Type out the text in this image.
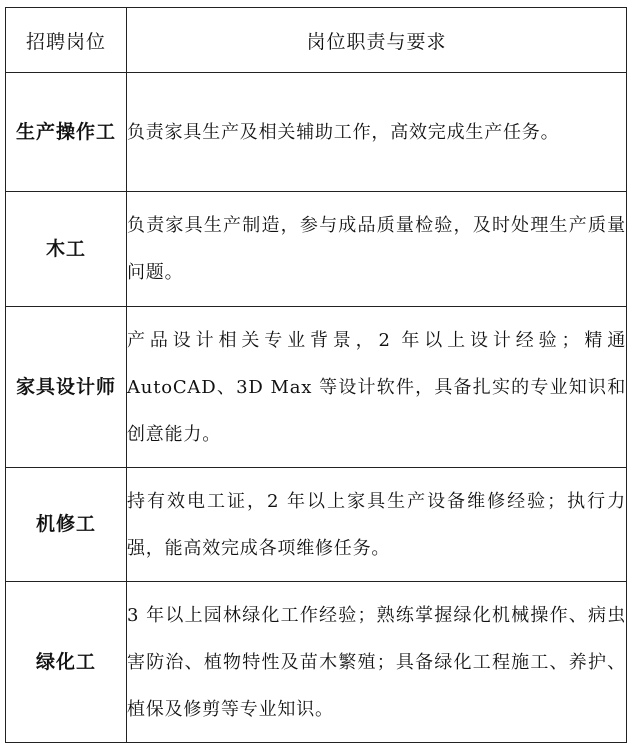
招聘岗位	岗位职责与要求
生产操作工	负责家具生产及相关辅助工作，高效完成生产任务。
木工	负责家具生产制造，参与成品质量检验，及时处理生产质量问题。
家具设计师	产品设计相关专业背景，2 年以上设计经验；精通 AutoCAD、3D Max 等设计软件，具备扎实的专业知识和创意能力。
机修工	持有效电工证，2 年以上家具生产设备维修经验；执行力强，能高效完成各项维修任务。
绿化工	3 年以上园林绿化工作经验；熟练掌握绿化机械操作、病虫害防治、植物特性及苗木繁殖；具备绿化工程施工、养护、植保及修剪等专业知识。
